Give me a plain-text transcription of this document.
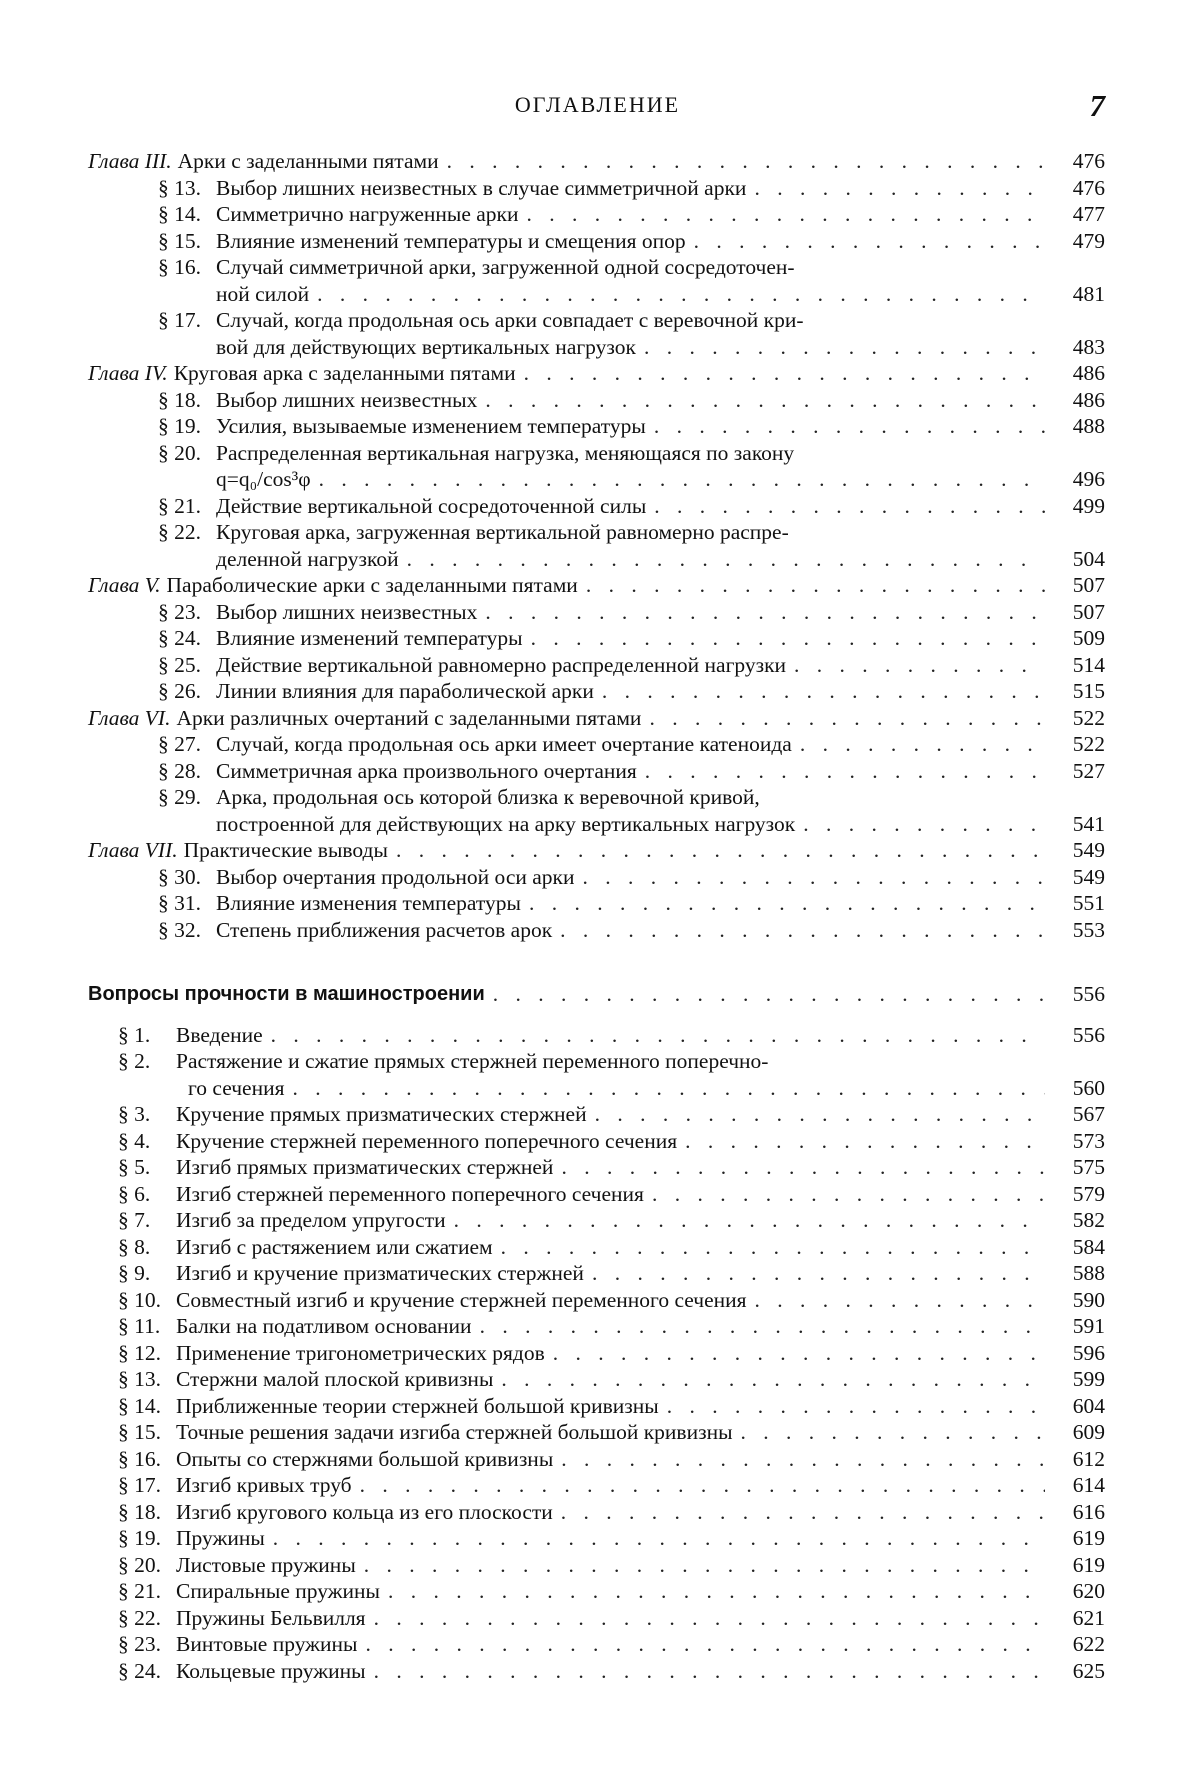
ОГЛАВЛЕНИЕ	7
Глава III. Арки с заделанными пятами . . .	476
§ 13. Выбор лишних неизвестных в случае симметричной арки . . .	476
§ 14. Симметрично нагруженные арки . . .	477
§ 15. Влияние изменений температуры и смещения опор . . .	479
§ 16. Случай симметричной арки, загруженной одной сосредоточен-
ной силой . . .	481
§ 17. Случай, когда продольная ось арки совпадает с веревочной кри-
вой для действующих вертикальных нагрузок . . .	483
Глава IV. Круговая арка с заделанными пятами . . .	486
§ 18. Выбор лишних неизвестных . . .	486
§ 19. Усилия, вызываемые изменением температуры . . .	488
§ 20. Распределенная вертикальная нагрузка, меняющаяся по закону
q=q₀/cos³φ . . .	496
§ 21. Действие вертикальной сосредоточенной силы . . .	499
§ 22. Круговая арка, загруженная вертикальной равномерно распре-
деленной нагрузкой . . .	504
Глава V. Параболические арки с заделанными пятами . . .	507
§ 23. Выбор лишних неизвестных . . .	507
§ 24. Влияние изменений температуры . . .	509
§ 25. Действие вертикальной равномерно распределенной нагрузки . . .	514
§ 26. Линии влияния для параболической арки . . .	515
Глава VI. Арки различных очертаний с заделанными пятами . . .	522
§ 27. Случай, когда продольная ось арки имеет очертание катеноида . . .	522
§ 28. Симметричная арка произвольного очертания . . .	527
§ 29. Арка, продольная ось которой близка к веревочной кривой,
построенной для действующих на арку вертикальных нагрузок . . .	541
Глава VII. Практические выводы . . .	549
§ 30. Выбор очертания продольной оси арки . . .	549
§ 31. Влияние изменения температуры . . .	551
§ 32. Степень приближения расчетов арок . . .	553
Вопросы прочности в машиностроении . . .	556
§ 1.	Введение . . .	556
§ 2.	Растяжение и сжатие прямых стержней переменного поперечно-
го сечения . . .	560
§ 3.	Кручение прямых призматических стержней . . .	567
§ 4.	Кручение стержней переменного поперечного сечения . . .	573
§ 5.	Изгиб прямых призматических стержней . . .	575
§ 6.	Изгиб стержней переменного поперечного сечения . . .	579
§ 7.	Изгиб за пределом упругости . . .	582
§ 8.	Изгиб с растяжением или сжатием . . .	584
§ 9.	Изгиб и кручение призматических стержней . . .	588
§ 10. Совместный изгиб и кручение стержней переменного сечения . . .	590
§ 11. Балки на податливом основании . . .	591
§ 12. Применение тригонометрических рядов . . .	596
§ 13. Стержни малой плоской кривизны . . .	599
§ 14. Приближенные теории стержней большой кривизны . . .	604
§ 15. Точные решения задачи изгиба стержней большой кривизны . . .	609
§ 16. Опыты со стержнями большой кривизны . . .	612
§ 17. Изгиб кривых труб . . .	614
§ 18. Изгиб кругового кольца из его плоскости . . .	616
§ 19. Пружины . . .	619
§ 20. Листовые пружины . . .	619
§ 21. Спиральные пружины . . .	620
§ 22. Пружины Бельвилля . . .	621
§ 23. Винтовые пружины . . .	622
§ 24. Кольцевые пружины . . .	625
